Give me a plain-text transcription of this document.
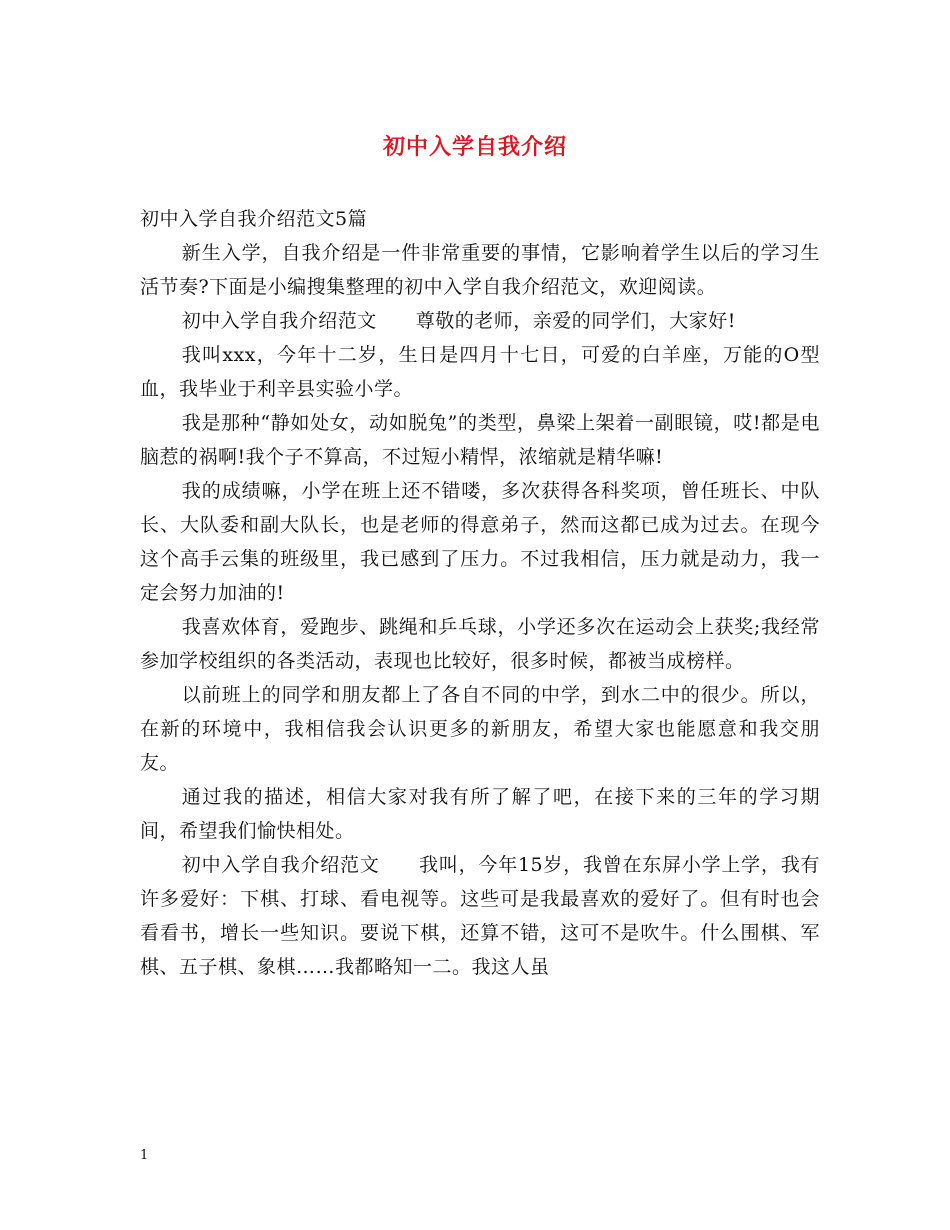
初中入学自我介绍

初中入学自我介绍范文5篇

新生入学，自我介绍是一件非常重要的事情，它影响着学生以后的学习生活节奏?下面是小编搜集整理的初中入学自我介绍范文，欢迎阅读。

初中入学自我介绍范文　　尊敬的老师，亲爱的同学们，大家好!

我叫xxx，今年十二岁，生日是四月十七日，可爱的白羊座，万能的O型血，我毕业于利辛县实验小学。

我是那种“静如处女，动如脱兔”的类型，鼻梁上架着一副眼镜，哎!都是电脑惹的祸啊!我个子不算高，不过短小精悍，浓缩就是精华嘛!

我的成绩嘛，小学在班上还不错喽，多次获得各科奖项，曾任班长、中队长、大队委和副大队长，也是老师的得意弟子，然而这都已成为过去。在现今这个高手云集的班级里，我已感到了压力。不过我相信，压力就是动力，我一定会努力加油的!

我喜欢体育，爱跑步、跳绳和乒乓球，小学还多次在运动会上获奖;我经常参加学校组织的各类活动，表现也比较好，很多时候，都被当成榜样。

以前班上的同学和朋友都上了各自不同的中学，到水二中的很少。所以，在新的环境中，我相信我会认识更多的新朋友，希望大家也能愿意和我交朋友。

通过我的描述，相信大家对我有所了解了吧，在接下来的三年的学习期间，希望我们愉快相处。

初中入学自我介绍范文　　我叫，今年15岁，我曾在东屏小学上学，我有许多爱好：下棋、打球、看电视等。这些可是我最喜欢的爱好了。但有时也会看看书，增长一些知识。要说下棋，还算不错，这可不是吹牛。什么围棋、军棋、五子棋、象棋……我都略知一二。我这人虽

1
